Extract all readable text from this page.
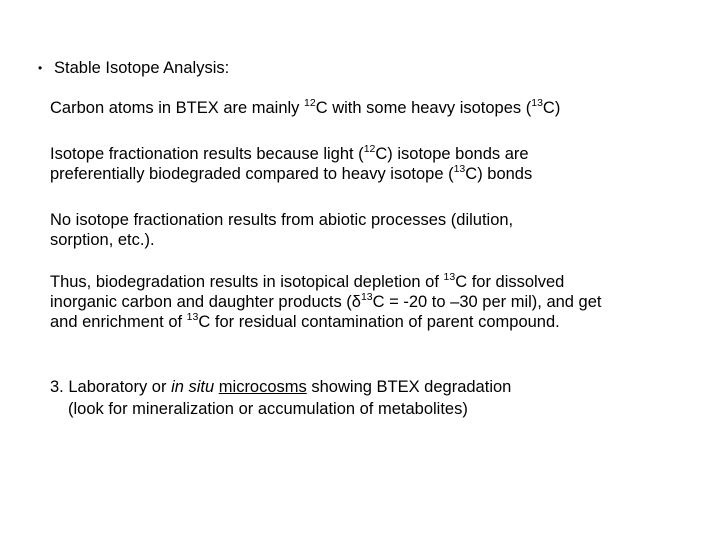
• Stable Isotope Analysis:
Carbon atoms in BTEX are mainly $^{12}$C with some heavy isotopes ($^{13}$C)
Isotope fractionation results because light ($^{12}$C) isotope bonds are
preferentially biodegraded compared to heavy isotope ($^{13}$C) bonds
No isotope fractionation results from abiotic processes (dilution,
sorption, etc.).
Thus, biodegradation results in isotopical depletion of $^{13}$C for dissolved
inorganic carbon and daughter products ($\delta^{13}C = -20$ to –30 per mil), and get
and enrichment of $^{13}$C for residual contamination of parent compound.
3. Laboratory or in situ microcosms showing BTEX degradation
(look for mineralization or accumulation of metabolites)
